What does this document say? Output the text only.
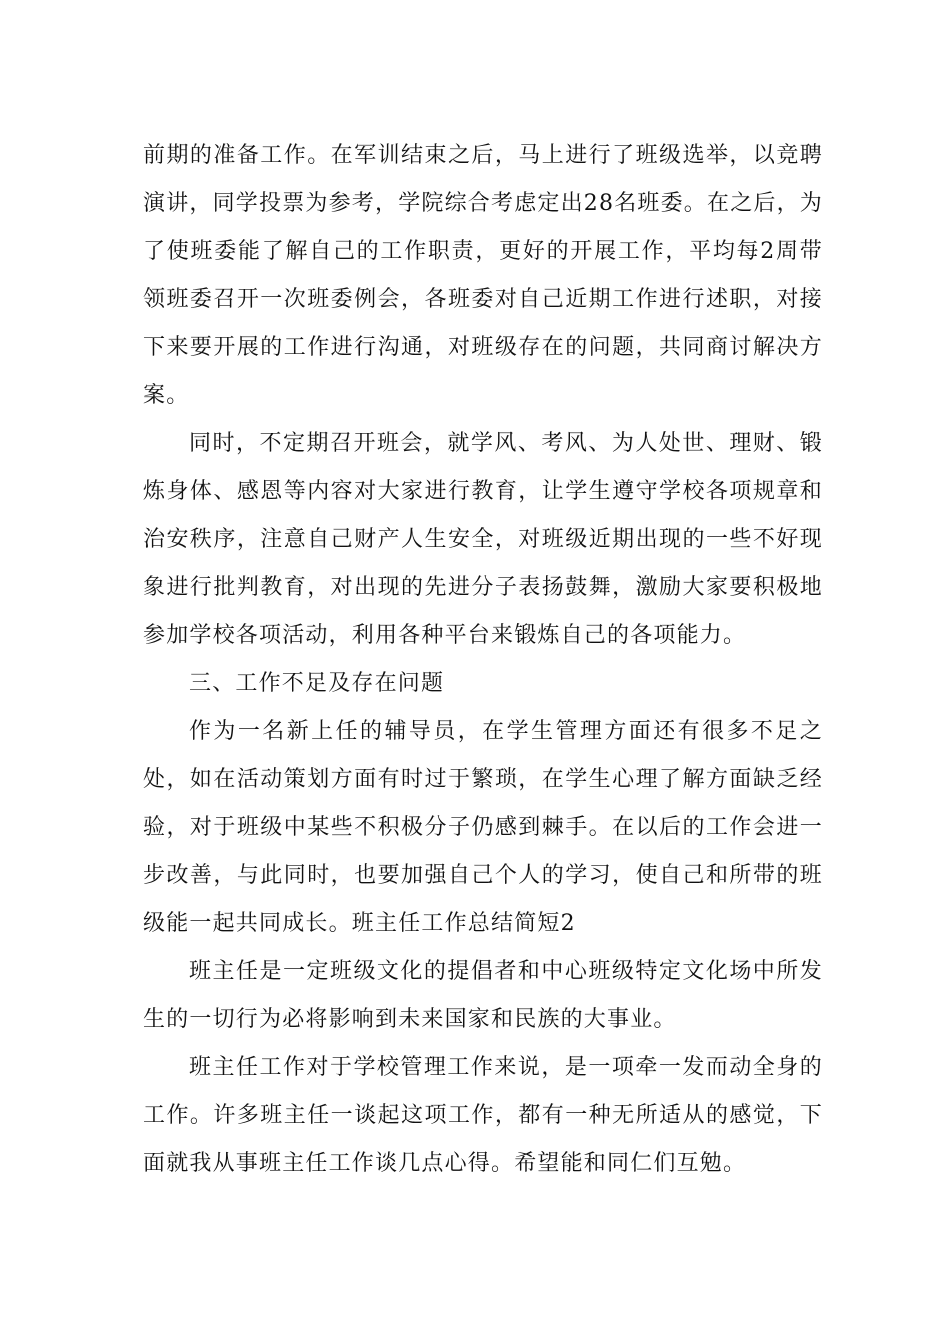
前期的准备工作。在军训结束之后，马上进行了班级选举，以竞聘演讲，同学投票为参考，学院综合考虑定出28名班委。在之后，为了使班委能了解自己的工作职责，更好的开展工作，平均每2周带领班委召开一次班委例会，各班委对自己近期工作进行述职，对接下来要开展的工作进行沟通，对班级存在的问题，共同商讨解决方案。

同时，不定期召开班会，就学风、考风、为人处世、理财、锻炼身体、感恩等内容对大家进行教育，让学生遵守学校各项规章和治安秩序，注意自己财产人生安全，对班级近期出现的一些不好现象进行批判教育，对出现的先进分子表扬鼓舞，激励大家要积极地参加学校各项活动，利用各种平台来锻炼自己的各项能力。

三、工作不足及存在问题

作为一名新上任的辅导员，在学生管理方面还有很多不足之处，如在活动策划方面有时过于繁琐，在学生心理了解方面缺乏经验，对于班级中某些不积极分子仍感到棘手。在以后的工作会进一步改善，与此同时，也要加强自己个人的学习，使自己和所带的班级能一起共同成长。班主任工作总结简短2

班主任是一定班级文化的提倡者和中心班级特定文化场中所发生的一切行为必将影响到未来国家和民族的大事业。

班主任工作对于学校管理工作来说，是一项牵一发而动全身的工作。许多班主任一谈起这项工作，都有一种无所适从的感觉，下面就我从事班主任工作谈几点心得。希望能和同仁们互勉。
